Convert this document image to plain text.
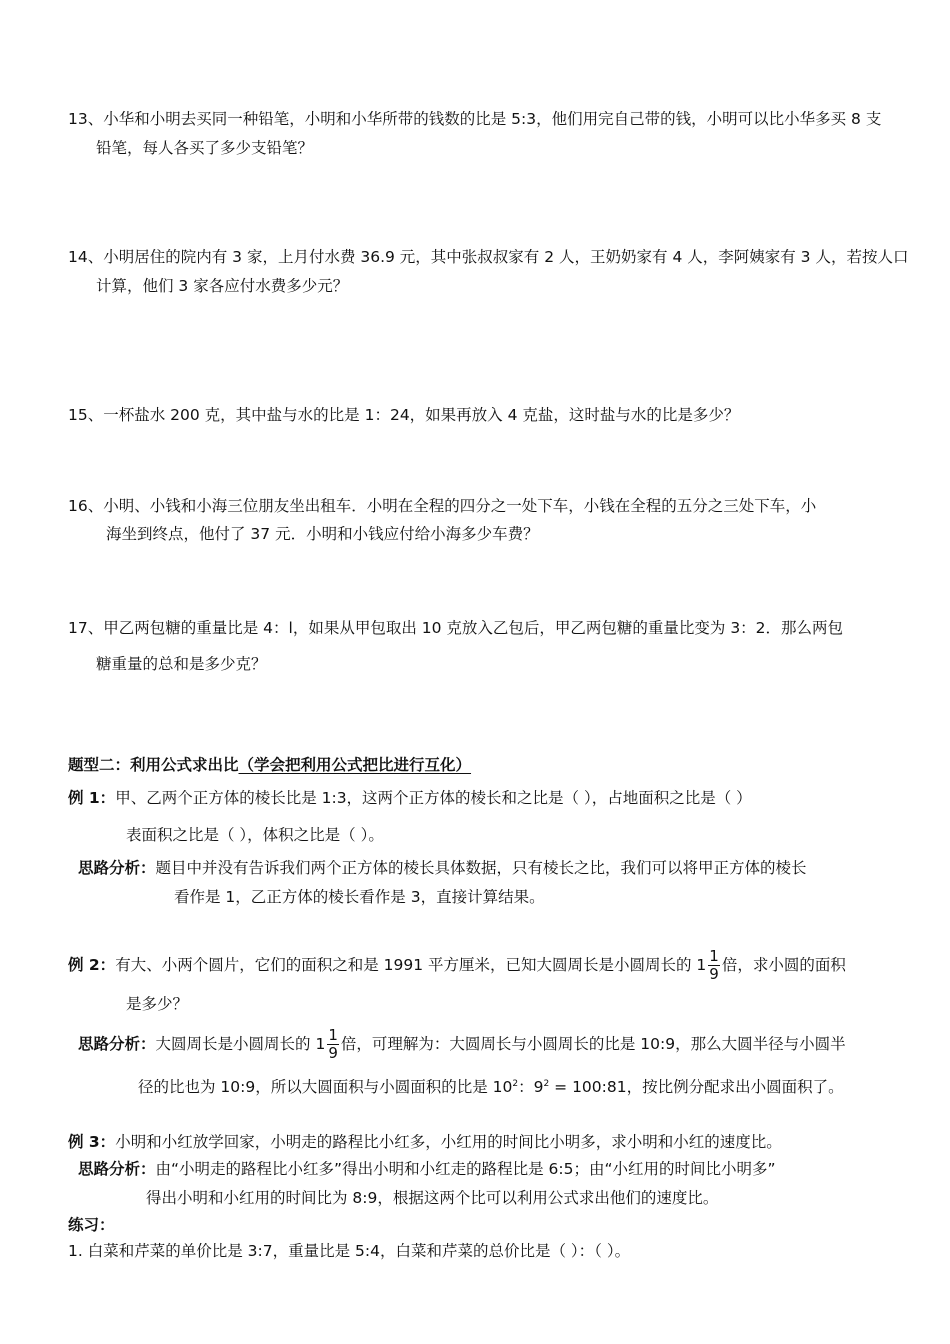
13、小华和小明去买同一种铅笔，小明和小华所带的钱数的比是 5:3，他们用完自己带的钱，小明可以比小华多买 8 支
铅笔，每人各买了多少支铅笔？
14、小明居住的院内有 3 家，上月付水费 36.9 元，其中张叔叔家有 2 人，王奶奶家有 4 人，李阿姨家有 3 人，若按人口
计算，他们 3 家各应付水费多少元？
15、一杯盐水 200 克，其中盐与水的比是 1：24，如果再放入 4 克盐，这时盐与水的比是多少？
16、小明、小钱和小海三位朋友坐出租车．小明在全程的四分之一处下车，小钱在全程的五分之三处下车，小
海坐到终点，他付了 37 元．小明和小钱应付给小海多少车费？
17、甲乙两包糖的重量比是 4：l，如果从甲包取出 10 克放入乙包后，甲乙两包糖的重量比变为 3：2．那么两包
糖重量的总和是多少克？
题型二：利用公式求出比（学会把利用公式把比进行互化）
例 1：甲、乙两个正方体的棱长比是 1:3，这两个正方体的棱长和之比是（ ），占地面积之比是（ ）
表面积之比是（ ），体积之比是（ ）。
思路分析：题目中并没有告诉我们两个正方体的棱长具体数据，只有棱长之比，我们可以将甲正方体的棱长
看作是 1，乙正方体的棱长看作是 3，直接计算结果。
例 2：有大、小两个圆片，它们的面积之和是 1991 平方厘米，已知大圆周长是小圆周长的 $1 \frac{1}{9}$ 倍，求小圆的面积
是多少？
思路分析：大圆周长是小圆周长的 $1 \frac{1}{9}$ 倍，可理解为：大圆周长与小圆周长的比是 10:9，那么大圆半径与小圆半
径的比也为 10:9，所以大圆面积与小圆面积的比是 $10^2$：$9^2$ = 100:81，按比例分配求出小圆面积了。
例 3：小明和小红放学回家，小明走的路程比小红多，小红用的时间比小明多，求小明和小红的速度比。
思路分析：由“小明走的路程比小红多”得出小明和小红走的路程比是 6:5；由“小红用的时间比小明多”
得出小明和小红用的时间比为 8:9，根据这两个比可以利用公式求出他们的速度比。
练习：
1. 白菜和芹菜的单价比是 3:7，重量比是 5:4，白菜和芹菜的总价比是（ ）：（ ）。
